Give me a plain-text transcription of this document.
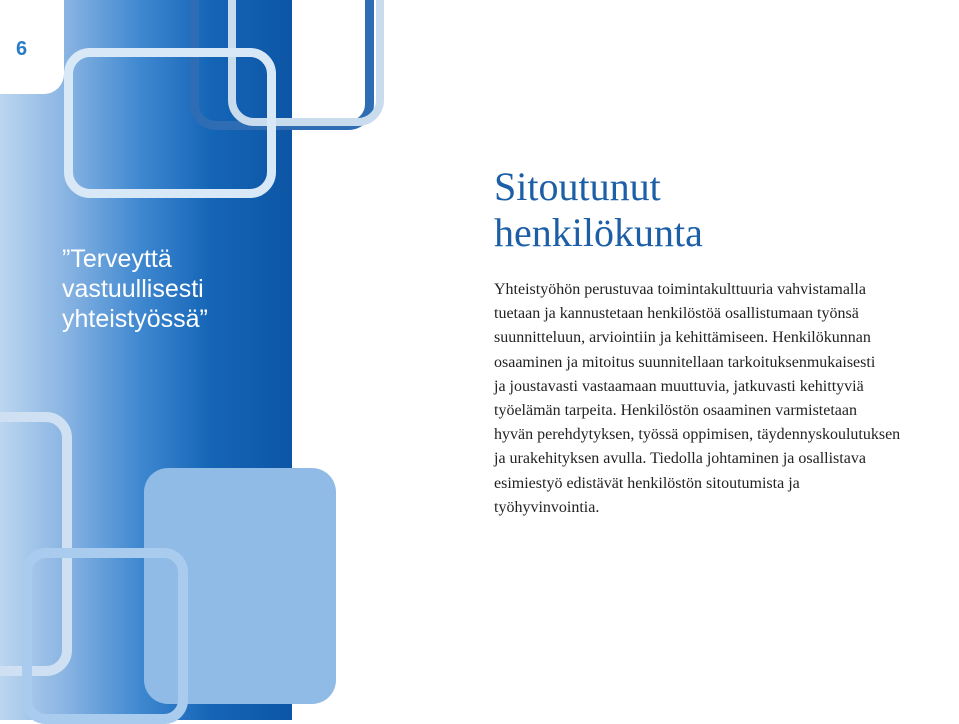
6
”Terveyttä
vastuullisesti
yhteistyössä”
Sitoutunut
henkilökunta

Yhteistyöhön perustuvaa toimintakulttuuria vahvistamalla
tuetaan ja kannustetaan henkilöstöä osallistumaan työnsä
suunnitteluun, arviointiin ja kehittämiseen. Henkilökunnan
osaaminen ja mitoitus suunnitellaan tarkoituksenmukaisesti
ja joustavasti vastaamaan muuttuvia, jatkuvasti kehittyviä
työelämän tarpeita. Henkilöstön osaaminen varmistetaan
hyvän perehdytyksen, työssä oppimisen, täydennyskoulutuksen
ja urakehityksen avulla. Tiedolla johtaminen ja osallistava
esimiestyö edistävät henkilöstön sitoutumista ja
työhyvinvointia.
